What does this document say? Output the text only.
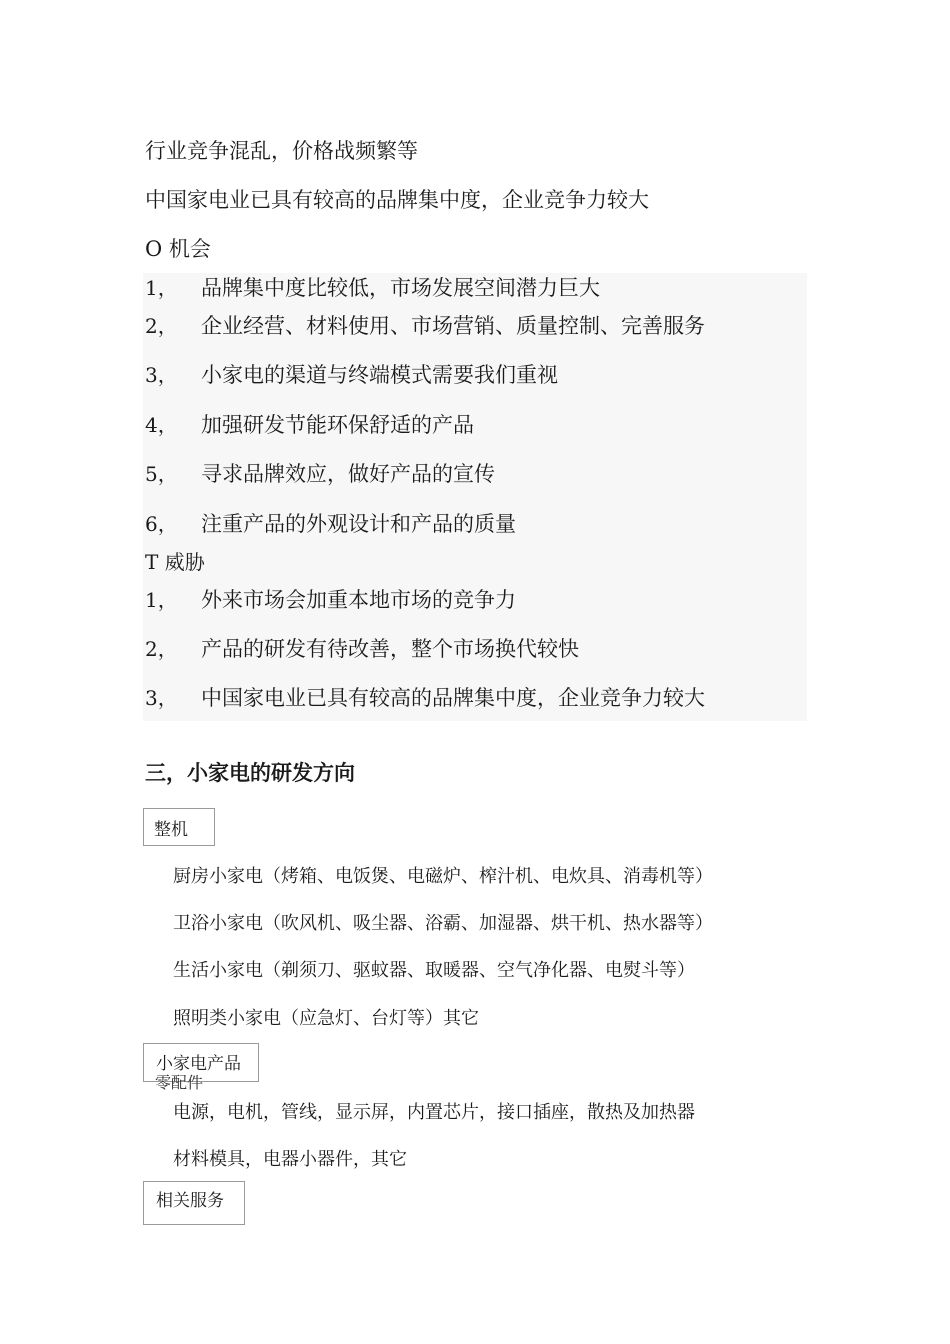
行业竞争混乱，价格战频繁等
中国家电业已具有较高的品牌集中度，企业竞争力较大
O 机会
1， 品牌集中度比较低，市场发展空间潜力巨大
2， 企业经营、材料使用、市场营销、质量控制、完善服务
3， 小家电的渠道与终端模式需要我们重视
4， 加强研发节能环保舒适的产品
5， 寻求品牌效应，做好产品的宣传
6， 注重产品的外观设计和产品的质量
T 威胁
1， 外来市场会加重本地市场的竞争力
2， 产品的研发有待改善，整个市场换代较快
3， 中国家电业已具有较高的品牌集中度，企业竞争力较大
三，小家电的研发方向
整机
厨房小家电（烤箱、电饭煲、电磁炉、榨汁机、电炊具、消毒机等）
卫浴小家电（吹风机、吸尘器、浴霸、加湿器、烘干机、热水器等）
生活小家电（剃须刀、驱蚊器、取暖器、空气净化器、电熨斗等）
照明类小家电（应急灯、台灯等）其它
小家电产品
零配件
电源，电机，管线，显示屏，内置芯片，接口插座，散热及加热器
材料模具，电器小器件，其它
相关服务
